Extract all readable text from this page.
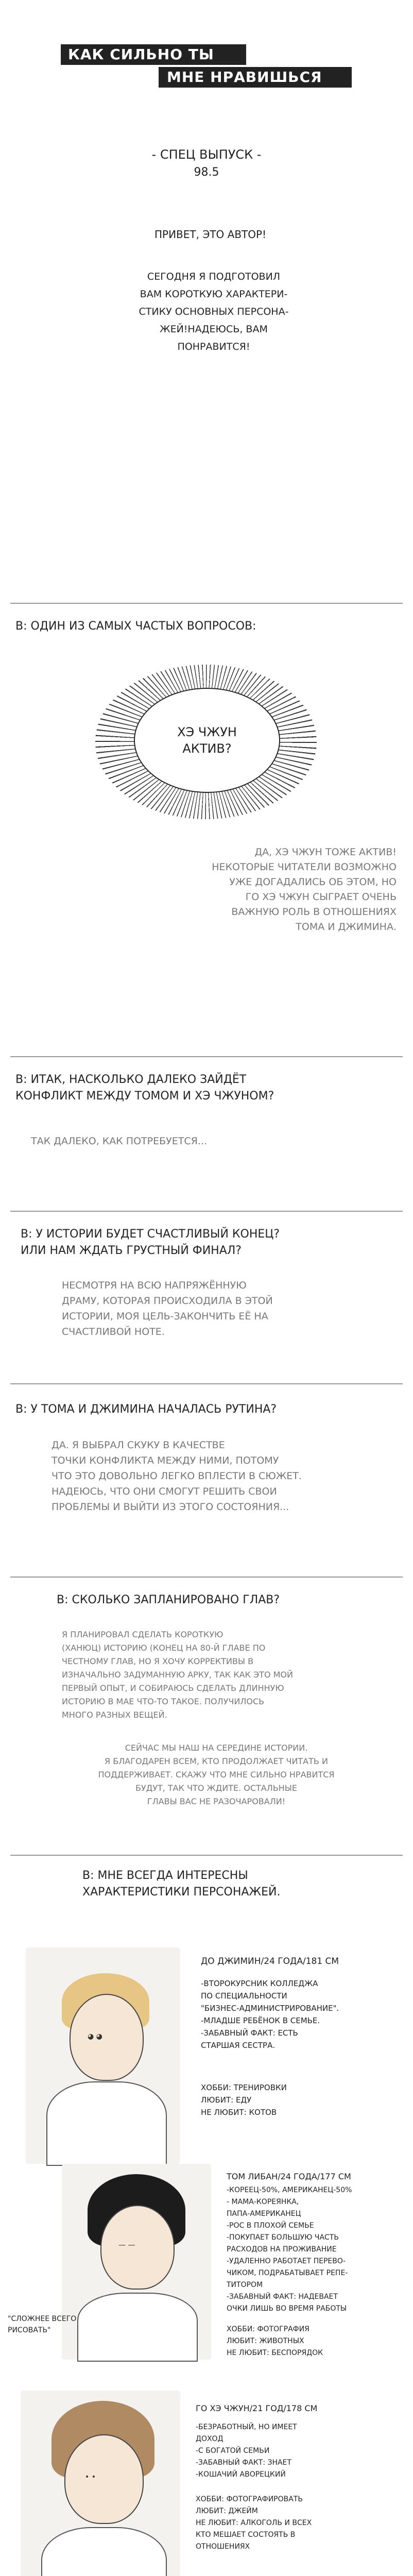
КАК СИЛЬНО ТЫ
МНЕ НРАВИШЬСЯ
- СПЕЦ ВЫПУСК -
98.5
ПРИВЕТ, ЭТО АВТОР!
СЕГОДНЯ Я ПОДГОТОВИЛ
ВАМ КОРОТКУЮ ХАРАКТЕРИ-
СТИКУ ОСНОВНЫХ ПЕРСОНА-
ЖЕЙ!НАДЕЮСЬ, ВАМ
ПОНРАВИТСЯ!
В: ОДИН ИЗ САМЫХ ЧАСТЫХ ВОПРОСОВ:
ХЭ ЧЖУН
АКТИВ?
ДА, ХЭ ЧЖУН ТОЖЕ АКТИВ!
НЕКОТОРЫЕ ЧИТАТЕЛИ ВОЗМОЖНО
УЖЕ ДОГАДАЛИСЬ ОБ ЭТОМ, НО
ГО ХЭ ЧЖУН СЫГРАЕТ ОЧЕНЬ
ВАЖНУЮ РОЛЬ В ОТНОШЕНИЯХ
ТОМА И ДЖИМИНА.
В: ИТАК, НАСКОЛЬКО ДАЛЕКО ЗАЙДЁТ
КОНФЛИКТ МЕЖДУ ТОМОМ И ХЭ ЧЖУНОМ?
ТАК ДАЛЕКО, КАК ПОТРЕБУЕТСЯ...
В: У ИСТОРИИ БУДЕТ СЧАСТЛИВЫЙ КОНЕЦ?
ИЛИ НАМ ЖДАТЬ ГРУСТНЫЙ ФИНАЛ?
НЕСМОТРЯ НА ВСЮ НАПРЯЖЁННУЮ
ДРАМУ, КОТОРАЯ ПРОИСХОДИЛА В ЭТОЙ
ИСТОРИИ, МОЯ ЦЕЛЬ-ЗАКОНЧИТЬ ЕЁ НА
СЧАСТЛИВОЙ НОТЕ.
В: У ТОМА И ДЖИМИНА НАЧАЛАСЬ РУТИНА?
ДА. Я ВЫБРАЛ СКУКУ В КАЧЕСТВЕ
ТОЧКИ КОНФЛИКТА МЕЖДУ НИМИ, ПОТОМУ
ЧТО ЭТО ДОВОЛЬНО ЛЕГКО ВПЛЕСТИ В СЮЖЕТ.
НАДЕЮСЬ, ЧТО ОНИ СМОГУТ РЕШИТЬ СВОИ
ПРОБЛЕМЫ И ВЫЙТИ ИЗ ЭТОГО СОСТОЯНИЯ...
В: СКОЛЬКО ЗАПЛАНИРОВАНО ГЛАВ?
Я ПЛАНИРОВАЛ СДЕЛАТЬ КОРОТКУЮ
(ХАНЮЦ) ИСТОРИЮ (КОНЕЦ НА 80-Й ГЛАВЕ ПО
ЧЕСТНОМУ ГЛАВ, НО Я ХОЧУ КОРРЕКТИВЫ В
ИЗНАЧАЛЬНО ЗАДУМАННУЮ АРКУ, ТАК КАК ЭТО МОЙ
ПЕРВЫЙ ОПЫТ, И СОБИРАЮСЬ СДЕЛАТЬ ДЛИННУЮ
ИСТОРИЮ В МАЕ ЧТО-ТО ТАКОЕ. ПОЛУЧИЛОСЬ
МНОГО РАЗНЫХ ВЕЩЕЙ.
СЕЙЧАС МЫ НАШ НА СЕРЕДИНЕ ИСТОРИИ.
Я БЛАГОДАРЕН ВСЕМ, КТО ПРОДОЛЖАЕТ ЧИТАТЬ И
ПОДДЕРЖИВАЕТ. СКАЖУ ЧТО МНЕ СИЛЬНО НРАВИТСЯ
БУДУТ, ТАК ЧТО ЖДИТЕ. ОСТАЛЬНЫЕ
ГЛАВЫ ВАС НЕ РАЗОЧАРОВАЛИ!
В: МНЕ ВСЕГДА ИНТЕРЕСНЫ
ХАРАКТЕРИСТИКИ ПЕРСОНАЖЕЙ.
◕ ◕
ДО ДЖИМИН/24 ГОДА/181 СМ
-ВТОРОКУРСНИК КОЛЛЕДЖА
ПО СПЕЦИАЛЬНОСТИ
"БИЗНЕС-АДМИНИСТРИРОВАНИЕ".
-МЛАДШЕ РЕБЁНОК В СЕМЬЕ.
-ЗАБАВНЫЙ ФАКТ: ЕСТЬ
СТАРШАЯ СЕСТРА.
ХОББИ: ТРЕНИРОВКИ
ЛЮБИТ: ЕДУ
НЕ ЛЮБИТ: КОТОВ
— —
"СЛОЖНЕЕ ВСЕГО
РИСОВАТЬ"
ТОМ ЛИБАН/24 ГОДА/177 СМ
-КОРЕЕЦ-50%, АМЕРИКАНЕЦ-50%
- МАМА-КОРЕЯНКА,
ПАПА-АМЕРИКАНЕЦ
-РОС В ПЛОХОЙ СЕМЬЕ
-ПОКУПАЕТ БОЛЬШУЮ ЧАСТЬ
РАСХОДОВ НА ПРОЖИВАНИЕ
-УДАЛЕННО РАБОТАЕТ ПЕРЕВО-
ЧИКОМ, ПОДРАБАТЫВАЕТ РЕПЕ-
ТИТОРОМ
-ЗАБАВНЫЙ ФАКТ: НАДЕВАЕТ
ОЧКИ ЛИШЬ ВО ВРЕМЯ РАБОТЫ
ХОББИ: ФОТОГРАФИЯ
ЛЮБИТ: ЖИВОТНЫХ
НЕ ЛЮБИТ: БЕСПОРЯДОК
• •
ГО ХЭ ЧЖУН/21 ГОД/178 СМ
-БЕЗРАБОТНЫЙ, НО ИМЕЕТ
ДОХОД
-С БОГАТОЙ СЕМЬИ
-ЗАБАВНЫЙ ФАКТ: ЗНАЕТ
-КОШАЧИЙ АВОРЕЦКИЙ
ХОББИ: ФОТОГРАФИРОВАТЬ
ЛЮБИТ: ДЖЕЙМ
НЕ ЛЮБИТ: АЛКОГОЛЬ И ВСЕХ
КТО МЕШАЕТ СОСТОЯТЬ В
ОТНОШЕНИЯХ
